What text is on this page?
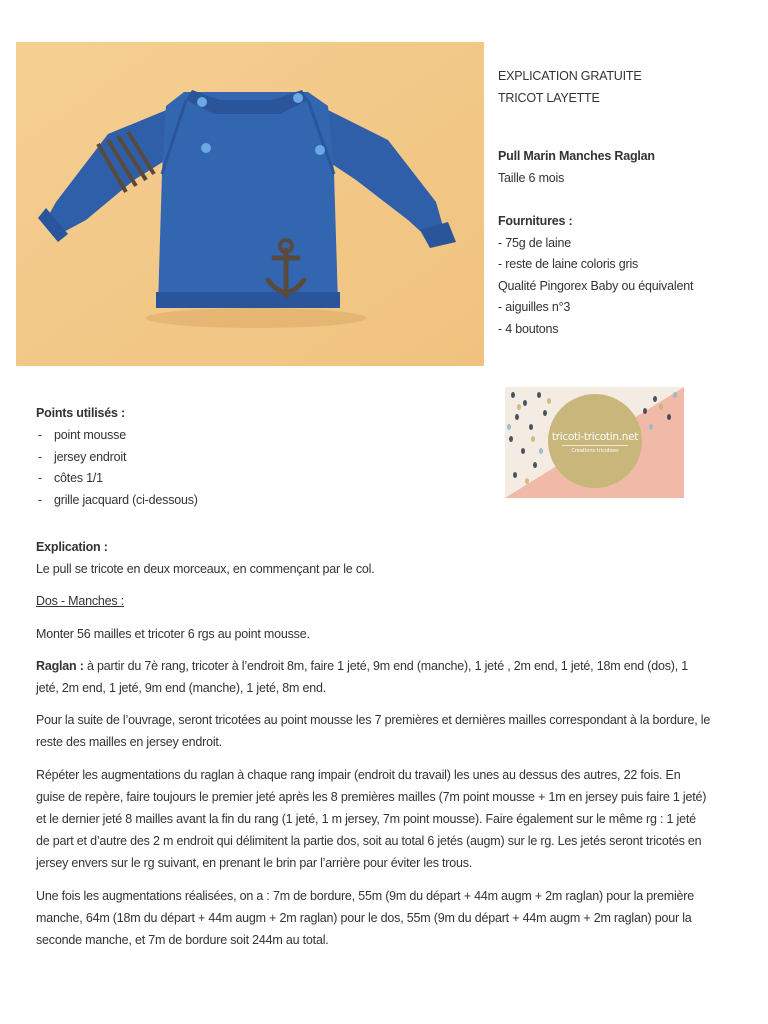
EXPLICATION GRATUITE

TRICOT LAYETTE

Pull Marin Manches Raglan

Taille 6 mois

Fournitures :

- 75g de laine

- reste de laine coloris gris

Qualité Pingorex Baby ou équivalent

- aiguilles n°3

- 4 boutons

tricoti-tricotin.net
Créations tricotées

Points utilisés :

- point mousse
- jersey endroit
- côtes 1/1
- grille jacquard (ci-dessous)

Explication :

Le pull se tricote en deux morceaux, en commençant par le col.

Dos - Manches :

Monter 56 mailles et tricoter 6 rgs au point mousse.

Raglan : à partir du 7è rang, tricoter à l’endroit 8m, faire 1 jeté, 9m end (manche), 1 jeté , 2m end, 1 jeté, 18m end (dos), 1 jeté, 2m end, 1 jeté, 9m end (manche), 1 jeté, 8m end.

Pour la suite de l’ouvrage, seront tricotées au point mousse les 7 premières et dernières mailles correspondant à la bordure, le reste des mailles en jersey endroit.

Répéter les augmentations du raglan à chaque rang impair (endroit du travail) les unes au dessus des autres, 22 fois. En guise de repère, faire toujours le premier jeté après les 8 premières mailles (7m point mousse + 1m en jersey puis faire 1 jeté) et le dernier jeté 8 mailles avant la fin du rang (1 jeté, 1 m jersey, 7m point mousse). Faire également sur le même rg : 1 jeté de part et d’autre des 2 m endroit qui délimitent la partie dos, soit au total 6 jetés (augm) sur le rg. Les jetés seront tricotés en jersey envers sur le rg suivant, en prenant le brin par l’arrière pour éviter les trous.

Une fois les augmentations réalisées, on a : 7m de bordure, 55m (9m du départ + 44m augm + 2m raglan) pour la première manche, 64m (18m du départ + 44m augm + 2m raglan) pour le dos, 55m (9m du départ + 44m augm + 2m raglan) pour la seconde manche, et 7m de bordure soit 244m au total.
